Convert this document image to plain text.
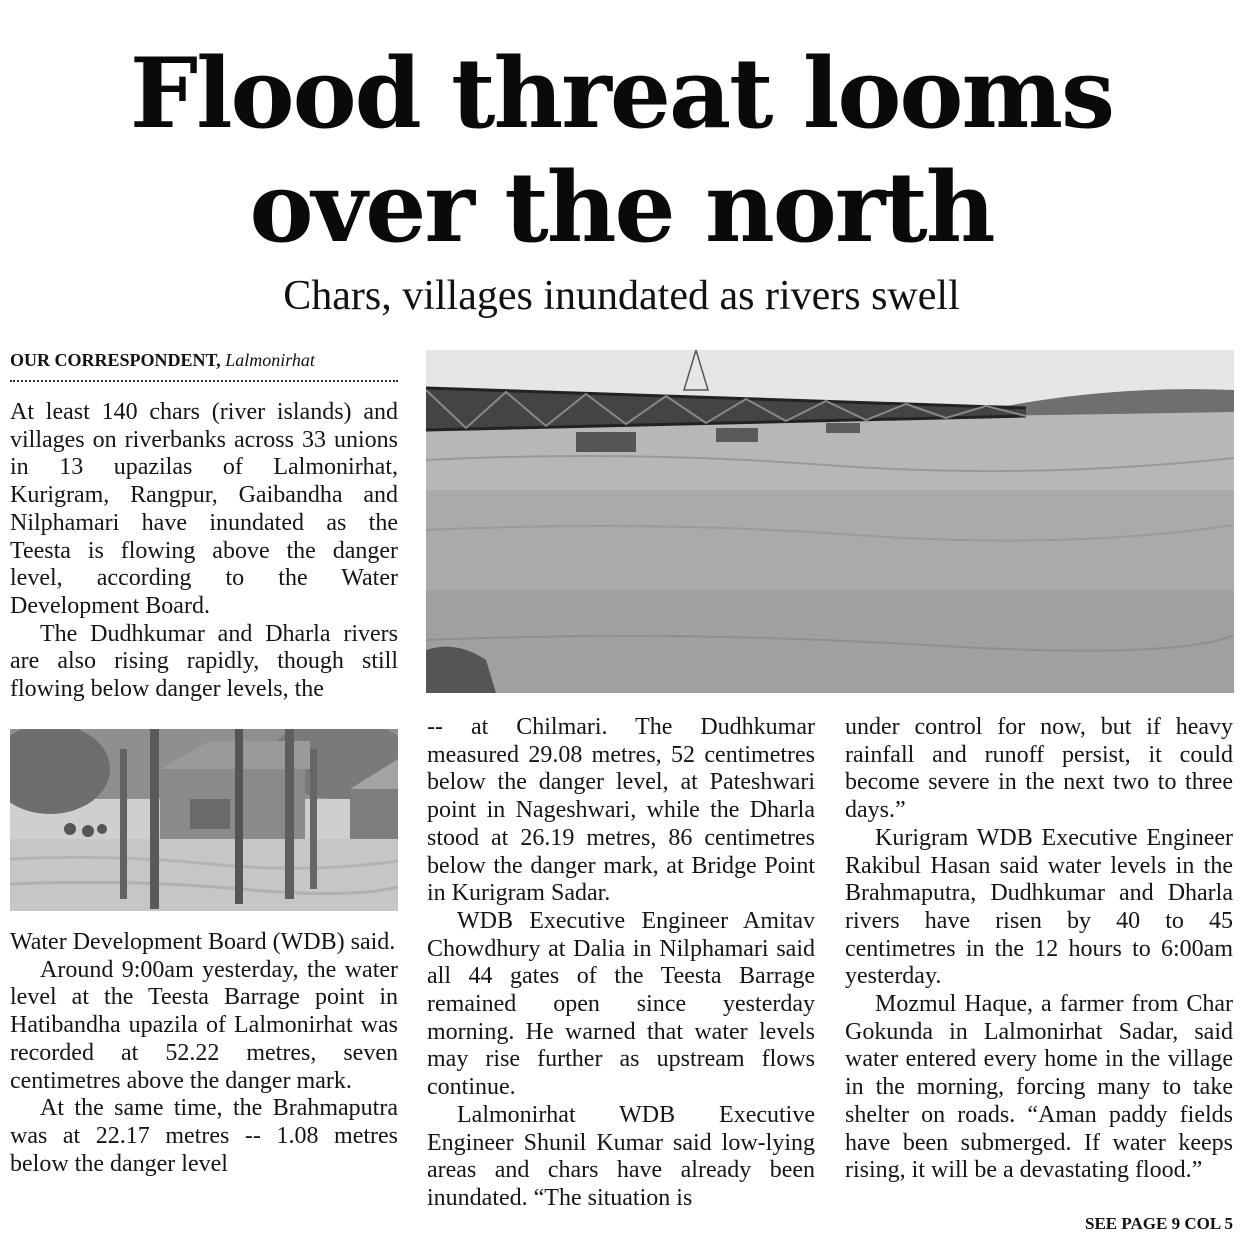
Flood threat looms
over the north
Chars, villages inundated as rivers swell
OUR CORRESPONDENT, Lalmonirhat

At least 140 chars (river islands) and villages on riverbanks across 33 unions in 13 upazilas of Lalmonirhat, Kurigram, Rangpur, Gaibandha and Nilphamari have inundated as the Teesta is flowing above the danger level, according to the Water Development Board.

The Dudhkumar and Dharla rivers are also rising rapidly, though still flowing below danger levels, the

Water Development Board (WDB) said.

Around 9:00am yesterday, the water level at the Teesta Barrage point in Hatibandha upazila of Lalmonirhat was recorded at 52.22 metres, seven centimetres above the danger mark.

At the same time, the Brahmaputra was at 22.17 metres -- 1.08 metres below the danger level

-- at Chilmari. The Dudhkumar measured 29.08 metres, 52 centimetres below the danger level, at Pateshwari point in Nageshwari, while the Dharla stood at 26.19 metres, 86 centimetres below the danger mark, at Bridge Point in Kurigram Sadar.

WDB Executive Engineer Amitav Chowdhury at Dalia in Nilphamari said all 44 gates of the Teesta Barrage remained open since yesterday morning. He warned that water levels may rise further as upstream flows continue.

Lalmonirhat WDB Executive Engineer Shunil Kumar said low-lying areas and chars have already been inundated. “The situation is

under control for now, but if heavy rainfall and runoff persist, it could become severe in the next two to three days.”

Kurigram WDB Executive Engineer Rakibul Hasan said water levels in the Brahmaputra, Dudhkumar and Dharla rivers have risen by 40 to 45 centimetres in the 12 hours to 6:00am yesterday.

Mozmul Haque, a farmer from Char Gokunda in Lalmonirhat Sadar, said water entered every home in the village in the morning, forcing many to take shelter on roads. “Aman paddy fields have been submerged. If water keeps rising, it will be a devastating flood.”

SEE PAGE 9 COL 5
